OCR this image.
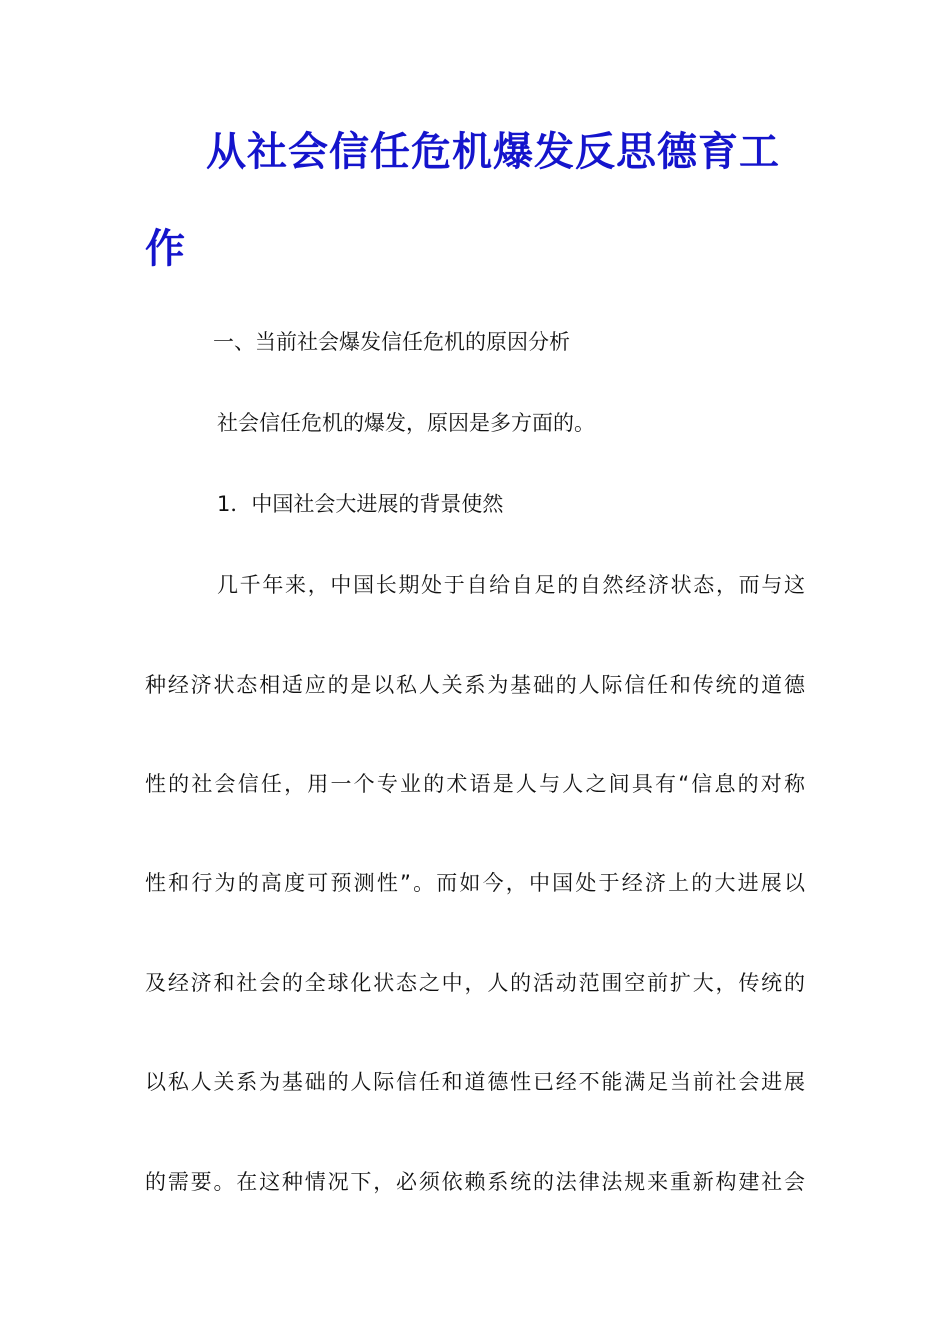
从社会信任危机爆发反思德育工
作
一、当前社会爆发信任危机的原因分析
社会信任危机的爆发，原因是多方面的。
1．中国社会大进展的背景使然
几千年来，中国长期处于自给自足的自然经济状态，而与这
种经济状态相适应的是以私人关系为基础的人际信任和传统的道德
性的社会信任，用一个专业的术语是人与人之间具有“信息的对称
性和行为的高度可预测性”。而如今，中国处于经济上的大进展以
及经济和社会的全球化状态之中，人的活动范围空前扩大，传统的
以私人关系为基础的人际信任和道德性已经不能满足当前社会进展
的需要。在这种情况下，必须依赖系统的法律法规来重新构建社会
